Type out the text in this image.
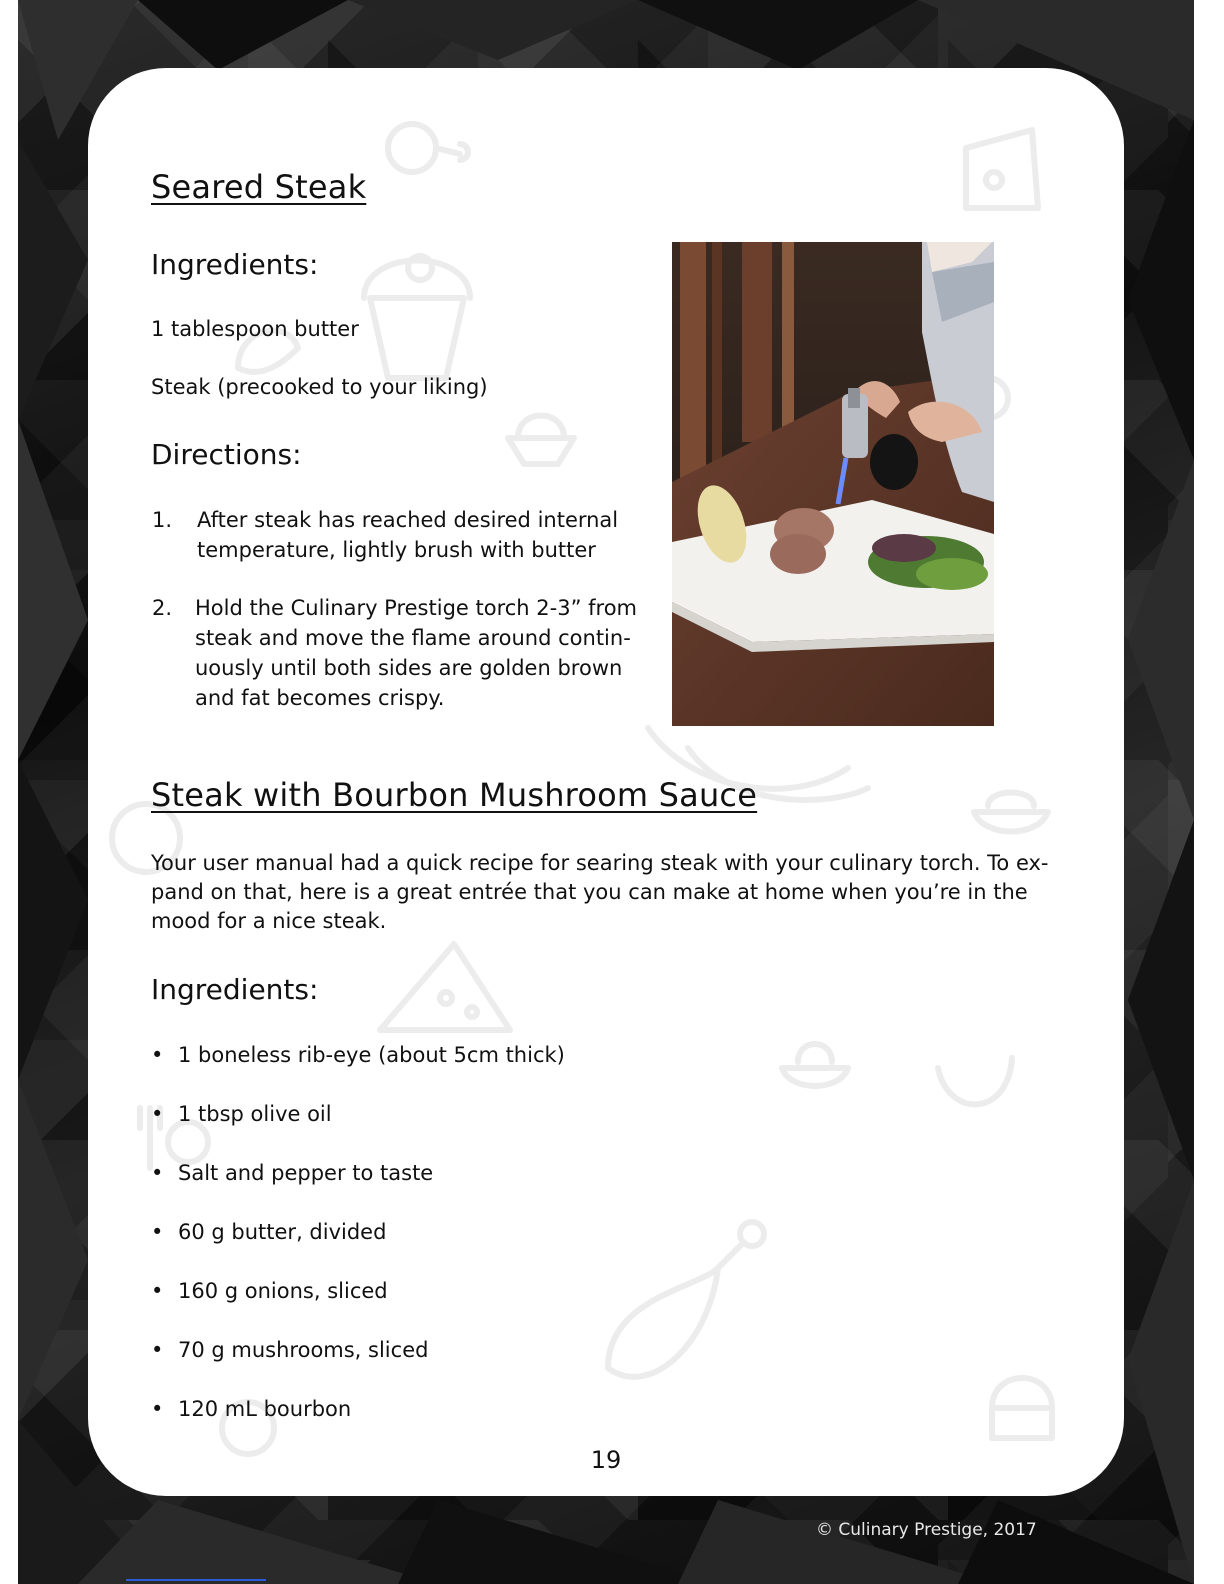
Seared Steak
Ingredients:

1 tablespoon butter

Steak (precooked to your liking)

Directions:
1. After steak has reached desired internal
temperature, lightly brush with butter
2. Hold the Culinary Prestige torch 2-3” from
steak and move the flame around contin-
uously until both sides are golden brown
and fat becomes crispy.
Steak with Bourbon Mushroom Sauce

Your user manual had a quick recipe for searing steak with your culinary torch. To ex-
pand on that, here is a great entrée that you can make at home when you’re in the
mood for a nice steak.

Ingredients:
• 1 boneless rib-eye (about 5cm thick)
• 1 tbsp olive oil
• Salt and pepper to taste
• 60 g butter, divided
• 160 g onions, sliced
• 70 g mushrooms, sliced
• 120 mL bourbon
19
© Culinary Prestige, 2017
